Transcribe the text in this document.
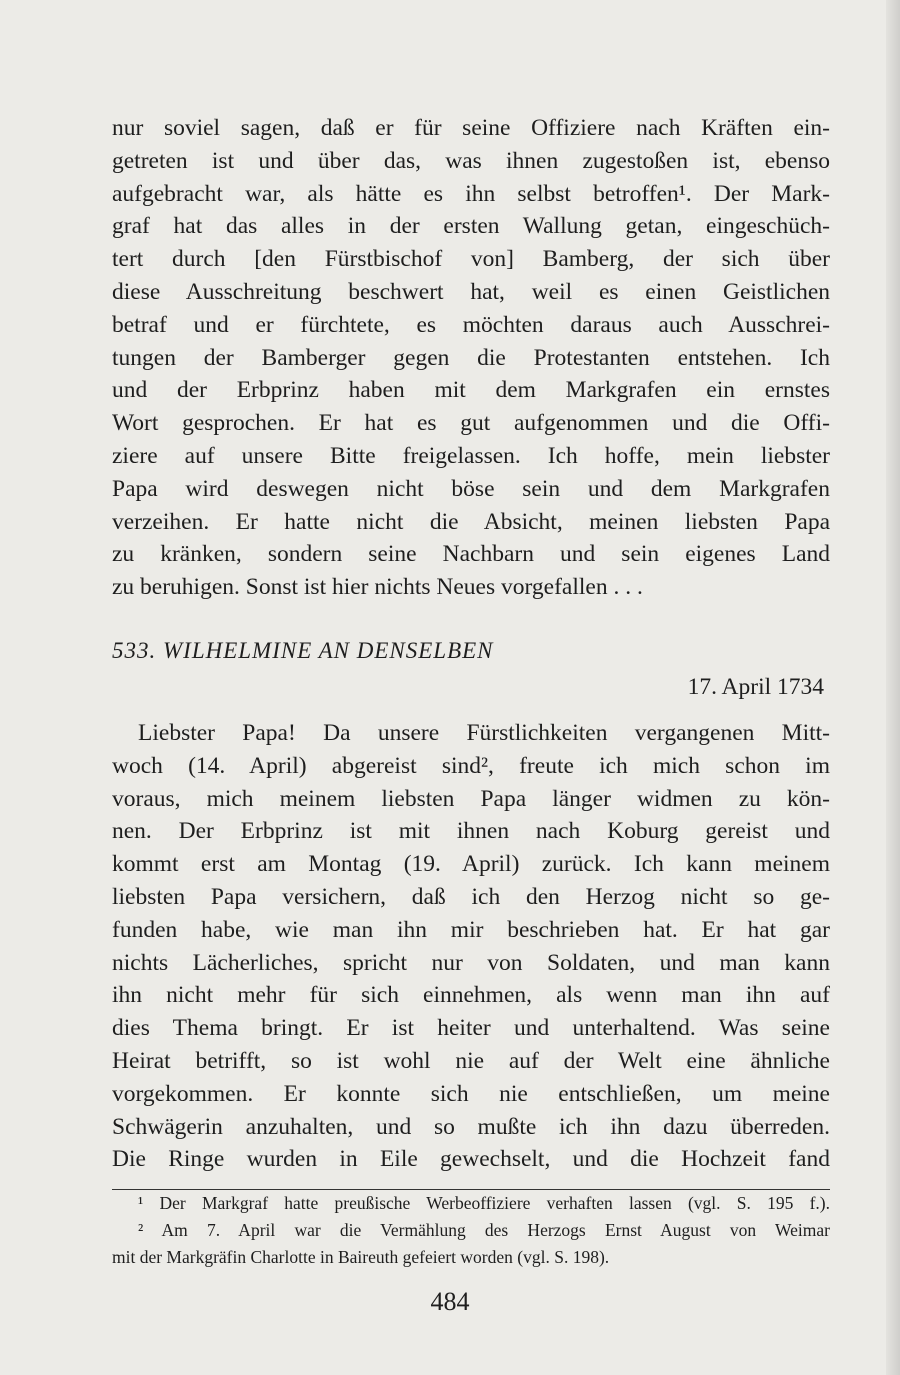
nur soviel sagen, daß er für seine Offiziere nach Kräften ein-
getreten ist und über das, was ihnen zugestoßen ist, ebenso
aufgebracht war, als hätte es ihn selbst betroffen¹. Der Mark-
graf hat das alles in der ersten Wallung getan, eingeschüch-
tert durch [den Fürstbischof von] Bamberg, der sich über
diese Ausschreitung beschwert hat, weil es einen Geistlichen
betraf und er fürchtete, es möchten daraus auch Ausschrei-
tungen der Bamberger gegen die Protestanten entstehen. Ich
und der Erbprinz haben mit dem Markgrafen ein ernstes
Wort gesprochen. Er hat es gut aufgenommen und die Offi-
ziere auf unsere Bitte freigelassen. Ich hoffe, mein liebster
Papa wird deswegen nicht böse sein und dem Markgrafen
verzeihen. Er hatte nicht die Absicht, meinen liebsten Papa
zu kränken, sondern seine Nachbarn und sein eigenes Land
zu beruhigen. Sonst ist hier nichts Neues vorgefallen . . .
533. WILHELMINE AN DENSELBEN
17. April 1734
Liebster Papa! Da unsere Fürstlichkeiten vergangenen Mitt-
woch (14. April) abgereist sind², freute ich mich schon im
voraus, mich meinem liebsten Papa länger widmen zu kön-
nen. Der Erbprinz ist mit ihnen nach Koburg gereist und
kommt erst am Montag (19. April) zurück. Ich kann meinem
liebsten Papa versichern, daß ich den Herzog nicht so ge-
funden habe, wie man ihn mir beschrieben hat. Er hat gar
nichts Lächerliches, spricht nur von Soldaten, und man kann
ihn nicht mehr für sich einnehmen, als wenn man ihn auf
dies Thema bringt. Er ist heiter und unterhaltend. Was seine
Heirat betrifft, so ist wohl nie auf der Welt eine ähnliche
vorgekommen. Er konnte sich nie entschließen, um meine
Schwägerin anzuhalten, und so mußte ich ihn dazu überreden.
Die Ringe wurden in Eile gewechselt, und die Hochzeit fand
¹ Der Markgraf hatte preußische Werbeoffiziere verhaften lassen (vgl. S. 195 f.).
² Am 7. April war die Vermählung des Herzogs Ernst August von Weimar
mit der Markgräfin Charlotte in Baireuth gefeiert worden (vgl. S. 198).
484
